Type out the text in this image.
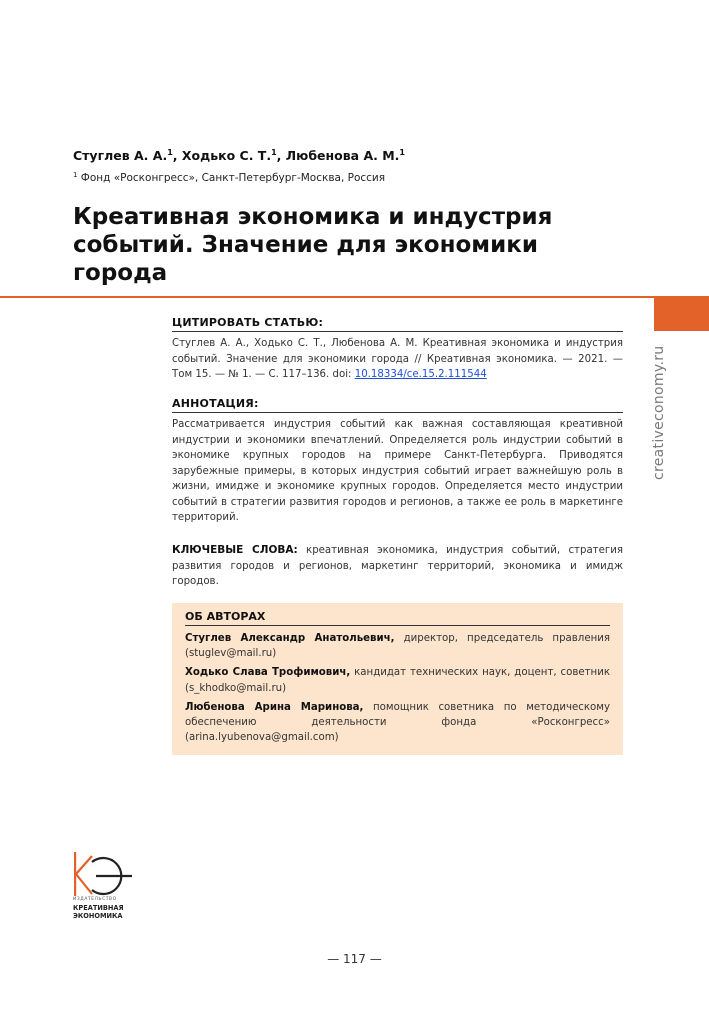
Стуглев А. А.$^1$, Ходько С. Т.$^1$, Любенова А. М.$^1$
$^1$ Фонд «Росконгресс», Санкт-Петербург-Москва, Россия
Креативная экономика и индустрия событий. Значение для экономики города
creativeconomy.ru
ЦИТИРОВАТЬ СТАТЬЮ:
Стуглев А. А., Ходько С. Т., Любенова А. М. Креативная экономика и индустрия событий. Значение для экономики города // Креативная экономика. — 2021. — Том 15. — № 1. — С. 117–136. doi: 10.18334/ce.15.2.111544
АННОТАЦИЯ:
Рассматривается индустрия событий как важная составляющая креативной индустрии и экономики впечатлений. Определяется роль индустрии событий в экономике крупных городов на примере Санкт-Петербурга. Приводятся зарубежные примеры, в которых индустрия событий играет важнейшую роль в жизни, имидже и экономике крупных городов. Определяется место индустрии событий в стратегии развития городов и регионов, а также ее роль в маркетинге территорий.
КЛЮЧЕВЫЕ СЛОВА: креативная экономика, индустрия событий, стратегия развития городов и регионов, маркетинг территорий, экономика и имидж городов.
ОБ АВТОРАХ
Стуглев Александр Анатольевич, директор, председатель правления (stuglev@mail.ru)
Ходько Слава Трофимович, кандидат технических наук, доцент, советник (s_khodko@mail.ru)
Любенова Арина Маринова, помощник советника по методическому обеспечению деятельности фонда «Росконгресс» (arina.lyubenova@gmail.com)
ИЗДАТЕЛЬСТВО
КРЕАТИВНАЯ
ЭКОНОМИКА
— 117 —
